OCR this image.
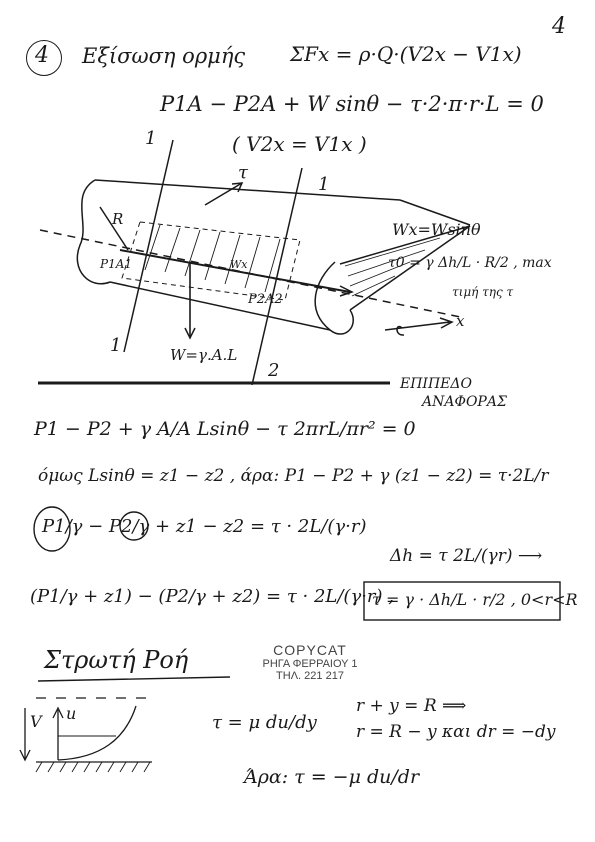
4
4 Εξίσωση ορμής ΣFx = ρ·Q·(V2x − V1x)
P1A − P2A + W sinθ − τ·2·π·r·L = 0
( V2x = V1x )
1
1
1
2
R
τ
P1A1
P2A2
Wx
W=γ.A.L
x
Wx=Wsinθ
τ0 = γ Δh/L · R/2 , max
τιμή της τ
ΕΠΙΠΕΔΟ
ΑΝΑΦΟΡΑΣ
P1 − P2 + γ A/A Lsinθ − τ 2πrL/πr² = 0
όμως Lsinθ = z1 − z2 , άρα: P1 − P2 + γ (z1 − z2) = τ·2L/r
P1/γ − P2/γ + z1 − z2 = τ · 2L/(γ·r)
(P1/γ + z1) − (P2/γ + z2) = τ · 2L/(γ·r) ,
Δh = τ 2L/(γr) ⟶
τ = γ · Δh/L · r/2 , 0<r<R
Στρωτή Ροή	COPYCAT
ΡΗΓΑ ΦΕΡΡΑΙΟΥ 1
ΤΗΛ. 221 217
V u	τ = μ du/dy
r + y = R ⟹
r = R − y και dr = −dy
Άρα: τ = −μ du/dr
